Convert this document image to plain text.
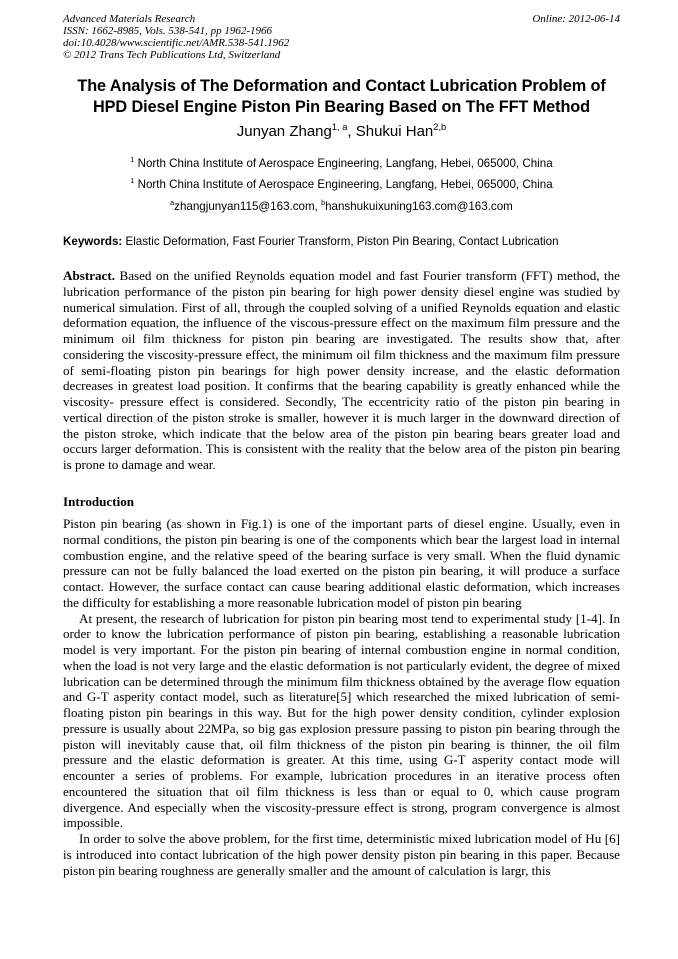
Advanced Materials Research
ISSN: 1662-8985, Vols. 538-541, pp 1962-1966
doi:10.4028/www.scientific.net/AMR.538-541.1962
© 2012 Trans Tech Publications Ltd, Switzerland
Online: 2012-06-14
The Analysis of The Deformation and Contact Lubrication Problem of
HPD Diesel Engine Piston Pin Bearing Based on The FFT Method
Junyan Zhang$^{1, a}$, Shukui Han$^{2,b}$
$^1$ North China Institute of Aerospace Engineering, Langfang, Hebei, 065000, China
$^1$ North China Institute of Aerospace Engineering, Langfang, Hebei, 065000, China
$^a$zhangjunyan115@163.com, $^b$hanshukuixuning163.com@163.com
Keywords: Elastic Deformation, Fast Fourier Transform, Piston Pin Bearing, Contact Lubrication
Abstract. Based on the unified Reynolds equation model and fast Fourier transform (FFT) method, the lubrication performance of the piston pin bearing for high power density diesel engine was studied by numerical simulation. First of all, through the coupled solving of a unified Reynolds equation and elastic deformation equation, the influence of the viscous-pressure effect on the maximum film pressure and the minimum oil film thickness for piston pin bearing are investigated. The results show that, after considering the viscosity-pressure effect, the minimum oil film thickness and the maximum film pressure of semi-floating piston pin bearings for high power density increase, and the elastic deformation decreases in greatest load position. It confirms that the bearing capability is greatly enhanced while the viscosity- pressure effect is considered. Secondly, The eccentricity ratio of the piston pin bearing in vertical direction of the piston stroke is smaller, however it is much larger in the downward direction of the piston stroke, which indicate that the below area of the piston pin bearing bears greater load and occurs larger deformation. This is consistent with the reality that the below area of the piston pin bearing is prone to damage and wear.
Introduction

Piston pin bearing (as shown in Fig.1) is one of the important parts of diesel engine. Usually, even in normal conditions, the piston pin bearing is one of the components which bear the largest load in internal combustion engine, and the relative speed of the bearing surface is very small. When the fluid dynamic pressure can not be fully balanced the load exerted on the piston pin bearing, it will produce a surface contact. However, the surface contact can cause bearing additional elastic deformation, which increases the difficulty for establishing a more reasonable lubrication model of piston pin bearing

At present, the research of lubrication for piston pin bearing most tend to experimental study [1-4]. In order to know the lubrication performance of piston pin bearing, establishing a reasonable lubrication model is very important. For the piston pin bearing of internal combustion engine in normal condition, when the load is not very large and the elastic deformation is not particularly evident, the degree of mixed lubrication can be determined through the minimum film thickness obtained by the average flow equation and G-T asperity contact model, such as literature[5] which researched the mixed lubrication of semi-floating piston pin bearings in this way. But for the high power density condition, cylinder explosion pressure is usually about 22MPa, so big gas explosion pressure passing to piston pin bearing through the piston will inevitably cause that, oil film thickness of the piston pin bearing is thinner, the oil film pressure and the elastic deformation is greater. At this time, using G-T asperity contact mode will encounter a series of problems. For example, lubrication procedures in an iterative process often encountered the situation that oil film thickness is less than or equal to 0, which cause program divergence. And especially when the viscosity-pressure effect is strong, program convergence is almost impossible.

In order to solve the above problem, for the first time, deterministic mixed lubrication model of Hu [6] is introduced into contact lubrication of the high power density piston pin bearing in this paper. Because piston pin bearing roughness are generally smaller and the amount of calculation is largr, this
